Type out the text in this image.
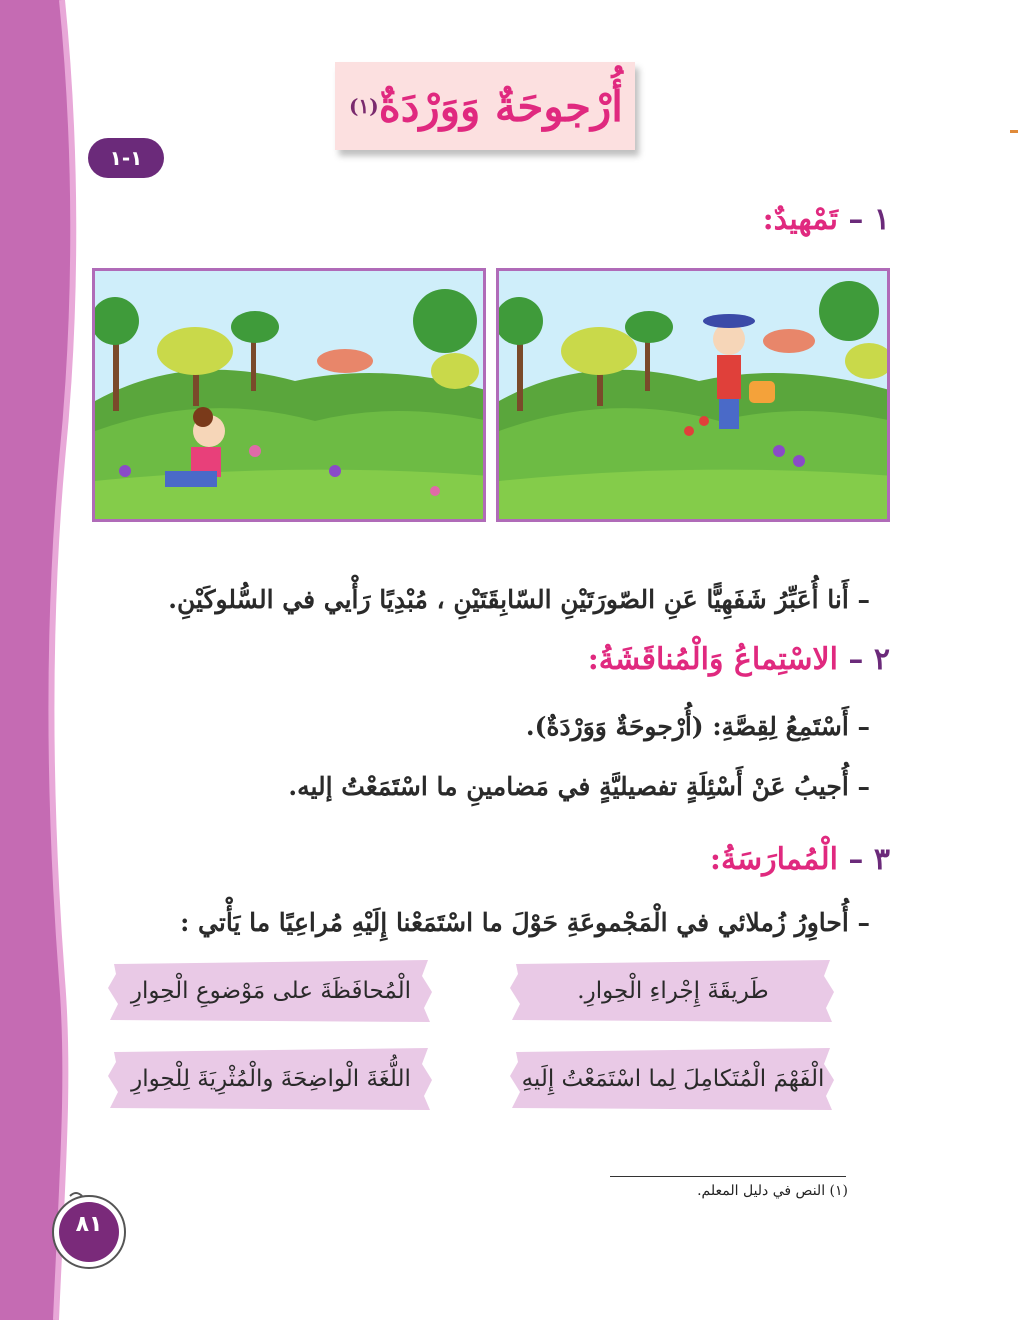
أُرْجوحَةٌ وَوَرْدَةٌ
(١)
١-١
١ – تَمْهيدٌ:
– أَنا أُعَبِّرُ شَفَهِيًّا عَنِ الصّورَتَيْنِ السّابِقَتَيْنِ ، مُبْدِيًا رَأْيي في السُّلوكَيْنِ.
٢ – الاسْتِماعُ وَالْمُناقَشَةُ:
– أَسْتَمِعُ لِقِصَّةِ: (أُرْجوحَةٌ وَوَرْدَةٌ).
– أُجيبُ عَنْ أَسْئِلَةٍ تفصيليَّةٍ في مَضامينِ ما اسْتَمَعْتُ إليه.
٣ – الْمُمارَسَةُ:
– أُحاوِرُ زُملائي في الْمَجْموعَةِ حَوْلَ ما اسْتَمَعْنا إِلَيْهِ مُراعِيًا ما يَأْتي :
طَريقَةَ إِجْراءِ الْحِوارِ.
الْمُحافَظَةَ على مَوْضوعِ الْحِوارِ
الْفَهْمَ الْمُتَكامِلَ لِما اسْتَمَعْتُ إِلَيهِ
اللُّغَةَ الْواضِحَةَ والْمُثْرِيَةَ لِلْحِوارِ
(١) النص في دليل المعلم.
٨١
